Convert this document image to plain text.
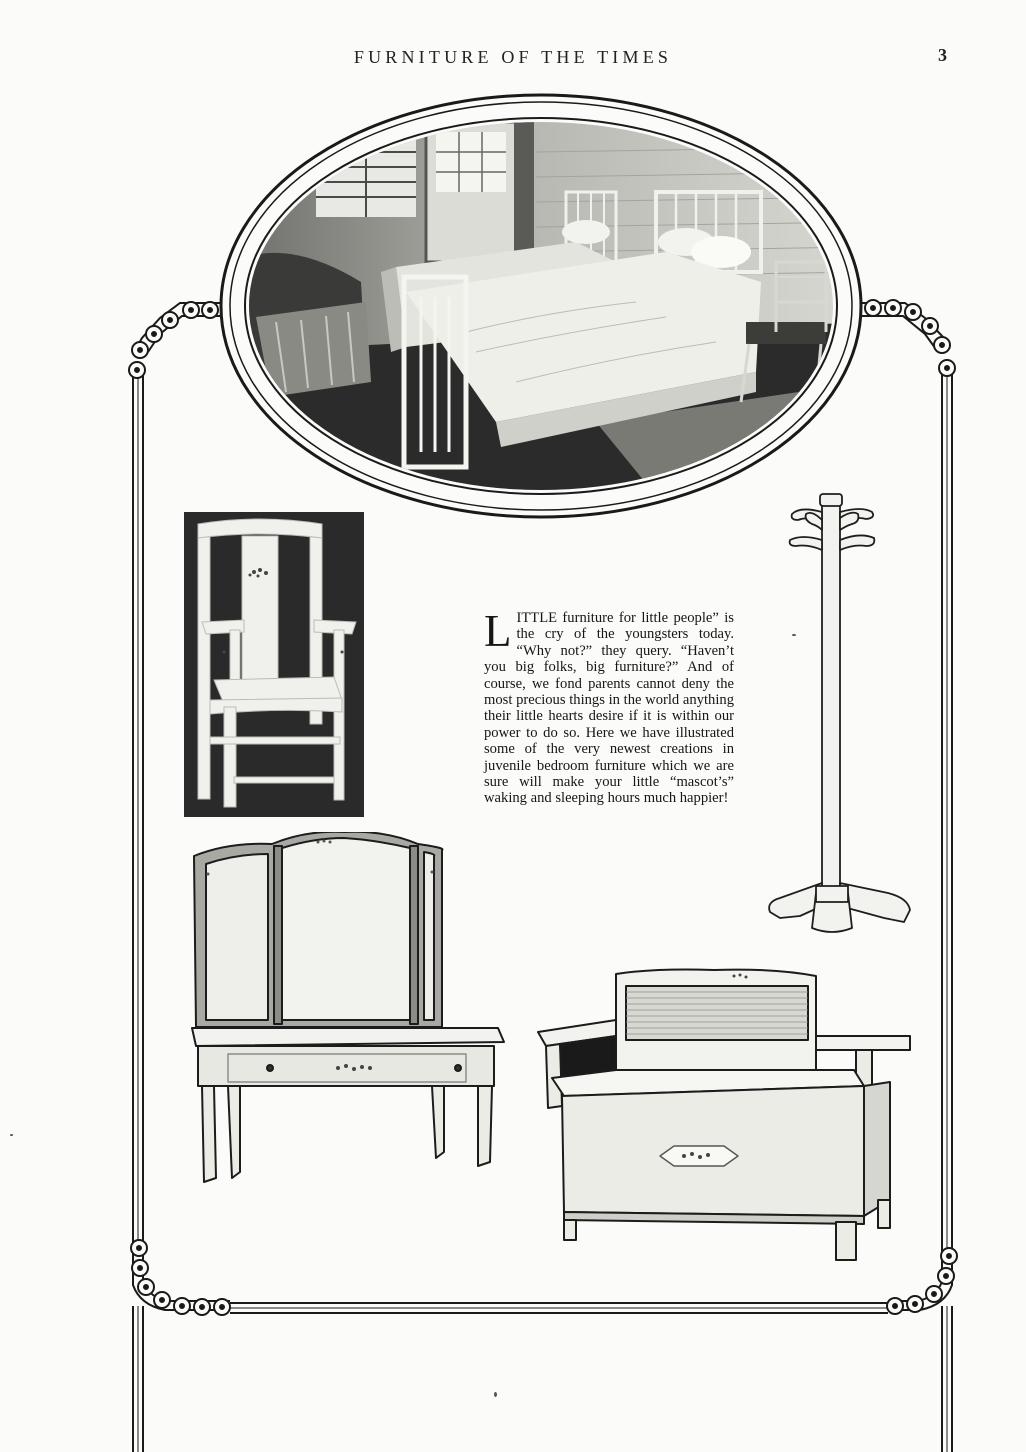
FURNITURE OF THE TIMES	3
LITTLE furniture for little people” is the cry of the youngsters today. “Why not?” they query. “Haven’t you big folks, big furniture?” And of course, we fond parents cannot deny the most precious things in the world anything their little hearts desire if it is within our power to do so. Here we have illustrated some of the very newest creations in juvenile bedroom furniture which we are sure will make your little “mascot’s” waking and sleeping hours much happier!
